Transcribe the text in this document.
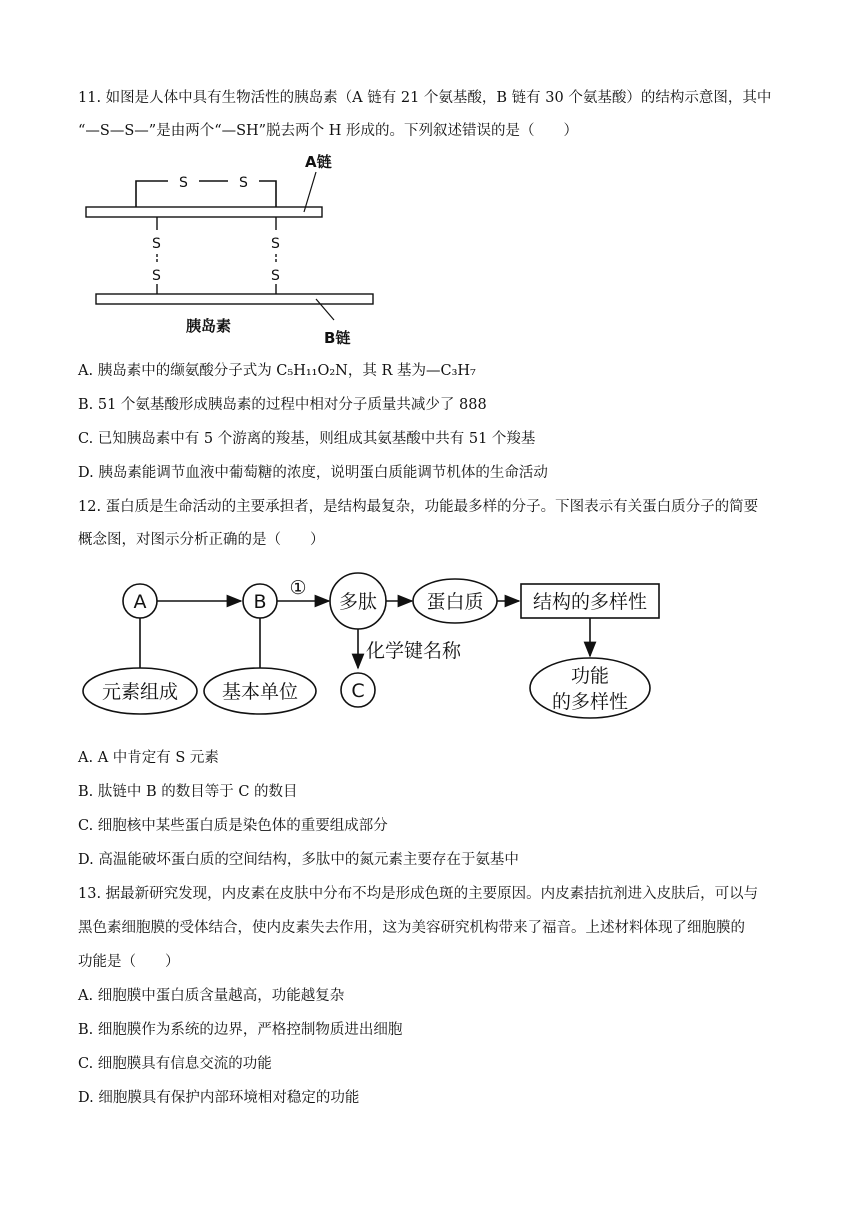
11. 如图是人体中具有生物活性的胰岛素（A 链有 21 个氨基酸，B 链有 30 个氨基酸）的结构示意图，其中
“—S—S—”是由两个“—SH”脱去两个 H 形成的。下列叙述错误的是（　　）
S	S
S
S
S
S
A链
B链
胰岛素
A. 胰岛素中的缬氨酸分子式为 C₅H₁₁O₂N，其 R 基为—C₃H₇
B. 51 个氨基酸形成胰岛素的过程中相对分子质量共减少了 888
C. 已知胰岛素中有 5 个游离的羧基，则组成其氨基酸中共有 51 个羧基
D. 胰岛素能调节血液中葡萄糖的浓度，说明蛋白质能调节机体的生命活动
12. 蛋白质是生命活动的主要承担者，是结构最复杂，功能最多样的分子。下图表示有关蛋白质分子的简要
概念图，对图示分析正确的是（　　）
A	B
①
多肽	蛋白质	结构的多样性
功能
的多样性
元素组成 基本单位
化学键名称
C
A. A 中肯定有 S 元素
B. 肽链中 B 的数目等于 C 的数目
C. 细胞核中某些蛋白质是染色体的重要组成部分
D. 高温能破坏蛋白质的空间结构，多肽中的氮元素主要存在于氨基中
13. 据最新研究发现，内皮素在皮肤中分布不均是形成色斑的主要原因。内皮素拮抗剂进入皮肤后，可以与
黑色素细胞膜的受体结合，使内皮素失去作用，这为美容研究机构带来了福音。上述材料体现了细胞膜的
功能是（　　）
A. 细胞膜中蛋白质含量越高，功能越复杂
B. 细胞膜作为系统的边界，严格控制物质进出细胞
C. 细胞膜具有信息交流的功能
D. 细胞膜具有保护内部环境相对稳定的功能
